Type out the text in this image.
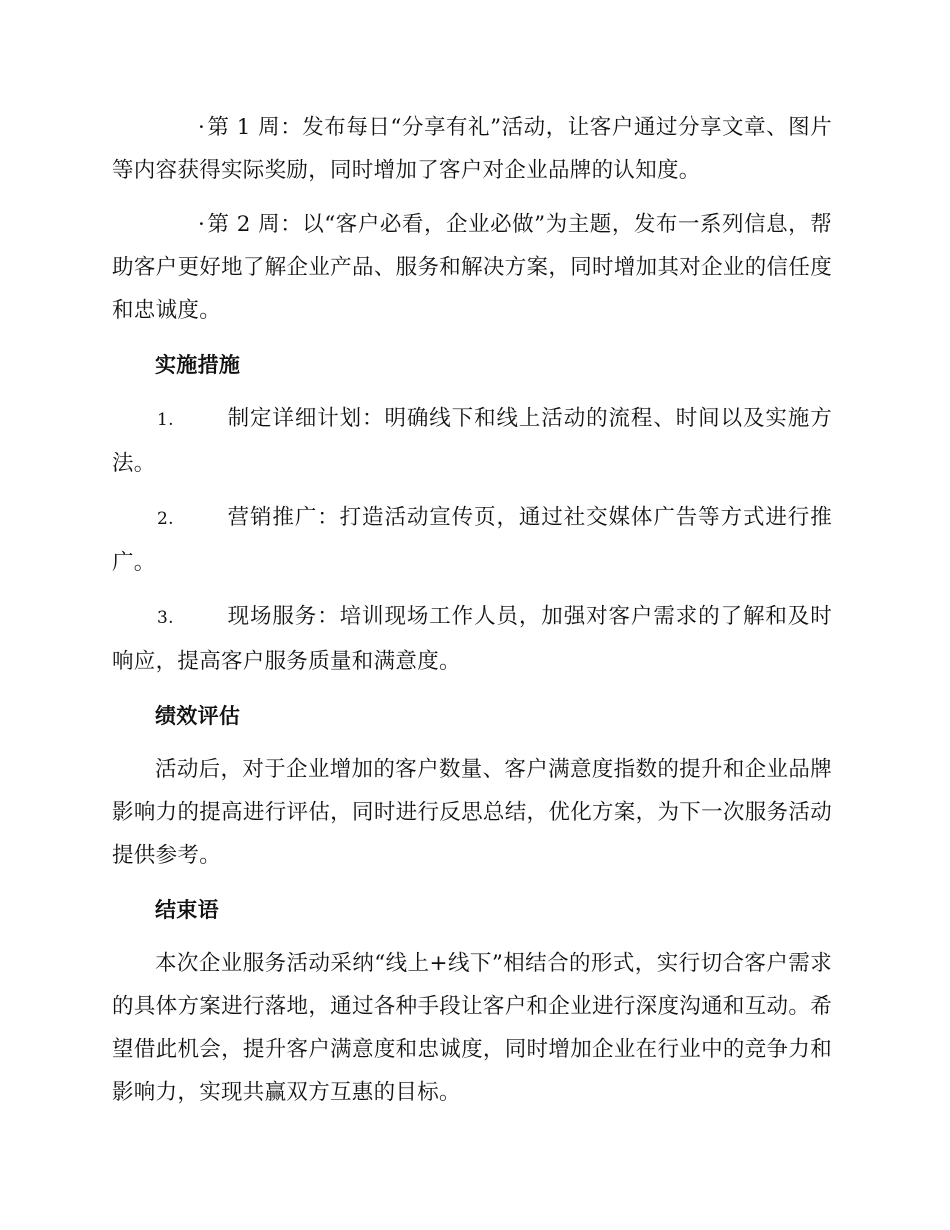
·第 1 周：发布每日“分享有礼”活动，让客户通过分享文章、图片等内容获得实际奖励，同时增加了客户对企业品牌的认知度。

·第 2 周：以“客户必看，企业必做”为主题，发布一系列信息，帮助客户更好地了解企业产品、服务和解决方案，同时增加其对企业的信任度和忠诚度。

实施措施

1. 制定详细计划：明确线下和线上活动的流程、时间以及实施方法。

2. 营销推广：打造活动宣传页，通过社交媒体广告等方式进行推广。

3. 现场服务：培训现场工作人员，加强对客户需求的了解和及时响应，提高客户服务质量和满意度。

绩效评估

活动后，对于企业增加的客户数量、客户满意度指数的提升和企业品牌影响力的提高进行评估，同时进行反思总结，优化方案，为下一次服务活动提供参考。

结束语

本次企业服务活动采纳“线上+线下”相结合的形式，实行切合客户需求的具体方案进行落地，通过各种手段让客户和企业进行深度沟通和互动。希望借此机会，提升客户满意度和忠诚度，同时增加企业在行业中的竞争力和影响力，实现共赢双方互惠的目标。
